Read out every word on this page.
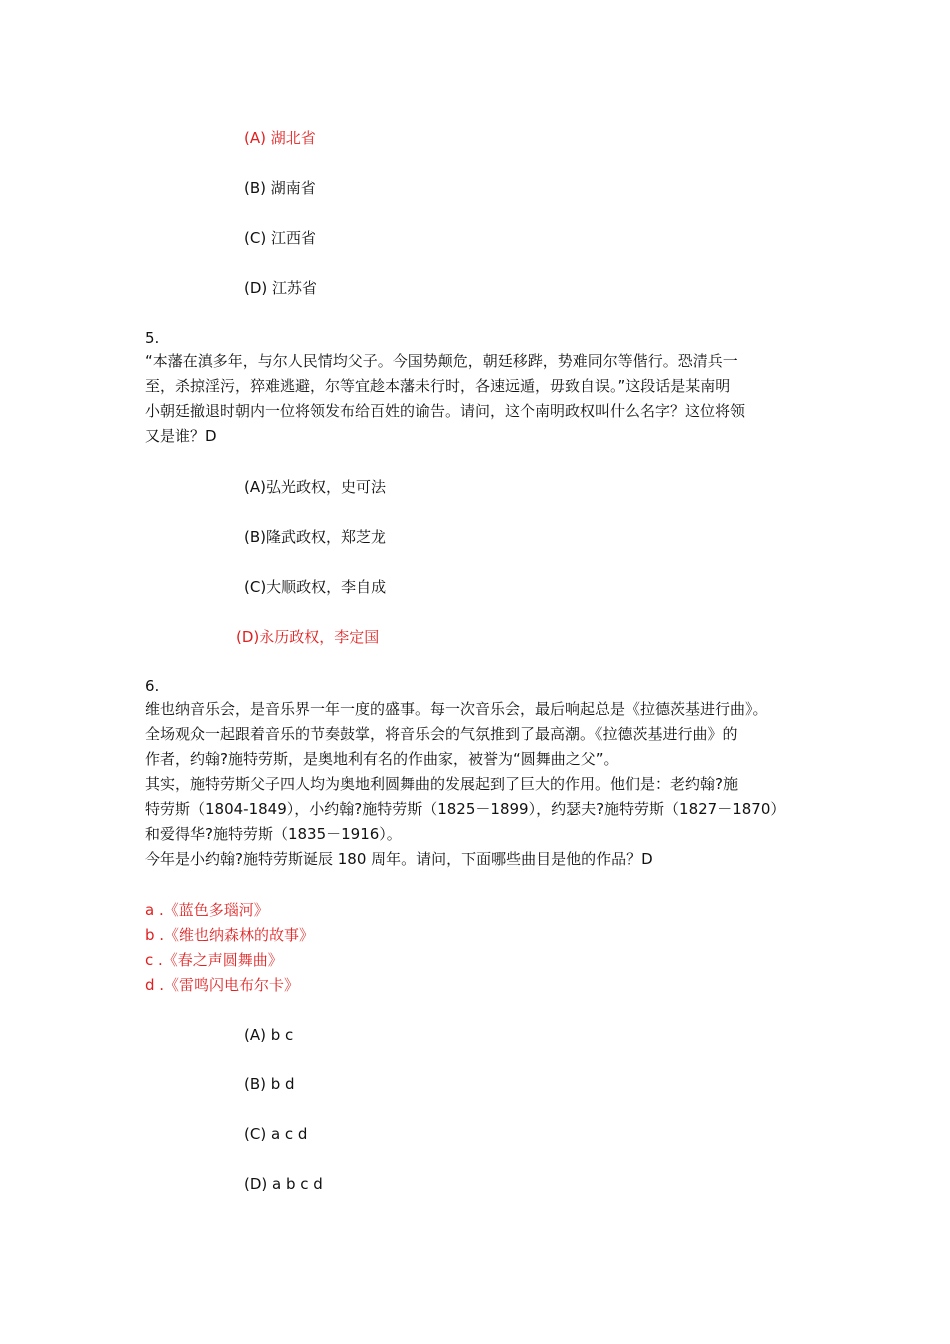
(A) 湖北省
(B) 湖南省
(C) 江西省
(D) 江苏省
5.
“本藩在滇多年，与尔人民情均父子。今国势颠危，朝廷移跸，势难同尔等偕行。恐清兵一
至，杀掠淫污，猝难逃避，尔等宜趁本藩未行时，各速远遁，毋致自误。”这段话是某南明
小朝廷撤退时朝内一位将领发布给百姓的谕告。请问，这个南明政权叫什么名字？这位将领
又是谁？D
(A)弘光政权，史可法
(B)隆武政权，郑芝龙
(C)大顺政权，李自成
(D)永历政权，李定国
6.
维也纳音乐会，是音乐界一年一度的盛事。每一次音乐会，最后响起总是《拉德茨基进行曲》。
全场观众一起跟着音乐的节奏鼓掌，将音乐会的气氛推到了最高潮。《拉德茨基进行曲》的
作者，约翰?施特劳斯，是奥地利有名的作曲家，被誉为“圆舞曲之父”。
其实，施特劳斯父子四人均为奥地利圆舞曲的发展起到了巨大的作用。他们是：老约翰?施
特劳斯（1804-1849），小约翰?施特劳斯（1825－1899），约瑟夫?施特劳斯（1827－1870）
和爱得华?施特劳斯（1835－1916）。
今年是小约翰?施特劳斯诞辰 180 周年。请问，下面哪些曲目是他的作品？D
a .《蓝色多瑙河》
b .《维也纳森林的故事》
c .《春之声圆舞曲》
d .《雷鸣闪电布尔卡》
(A) b c
(B) b d
(C) a c d
(D) a b c d
